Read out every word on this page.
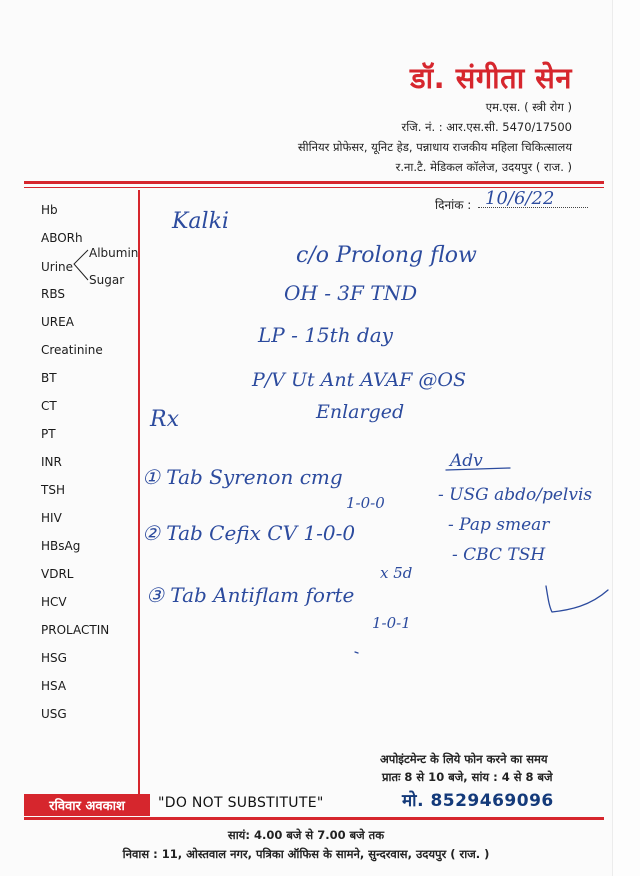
डॉ. संगीता सेन
एम.एस. ( स्त्री रोग )
रजि. नं. : आर.एस.सी. 5470/17500
सीनियर प्रोफेसर, यूनिट हेड, पन्नाधाय राजकीय महिला चिकित्सालय
र.ना.टै. मेडिकल कॉलेज, उदयपुर ( राज. )
दिनांक :
Hb
ABORh
Urine
Albumin
Sugar
RBS
UREA
Creatinine
BT
CT
PT
INR
TSH
HIV
HBsAg
VDRL
HCV
PROLACTIN
HSG
HSA
USG
10/6/22
Kalki
c/o Prolong flow
OH - 3F TND
LP - 15th day
P/V Ut Ant AVAF @OS
Enlarged
Rx
① Tab Syrenon cmg
Adv
1-0-0	- USG abdo/pelvis
② Tab Cefix CV 1-0-0	- Pap smear
- CBC TSH
x 5d
③ Tab Antiflam forte
1-0-1
अपोइंटमेन्ट के लिये फोन करने का समय
प्रातः 8 से 10 बजे, सांय : 4 से 8 बजे
मो. 8529469096
रविवार अवकाश	"DO NOT SUBSTITUTE"
सायं: 4.00 बजे से 7.00 बजे तक
निवास : 11, ओस्तवाल नगर, पत्रिका ऑफिस के सामने, सुन्दरवास, उदयपुर ( राज. )
